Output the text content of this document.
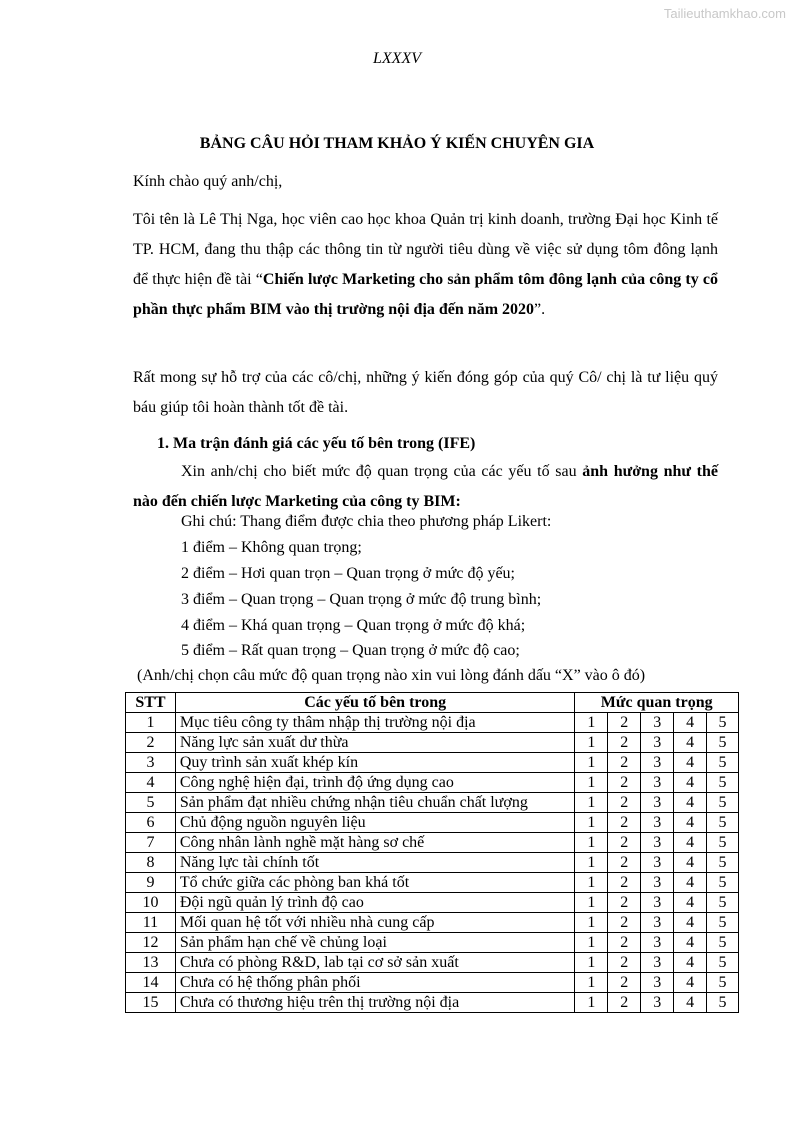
Tailieuthamkhao.com
LXXXV
BẢNG CÂU HỎI THAM KHẢO Ý KIẾN CHUYÊN GIA
Kính chào quý anh/chị,
Tôi tên là Lê Thị Nga, học viên cao học khoa Quản trị kinh doanh, trường Đại học Kinh tế TP. HCM, đang thu thập các thông tin từ người tiêu dùng về việc sử dụng tôm đông lạnh để thực hiện đề tài “Chiến lược Marketing cho sản phẩm tôm đông lạnh của công ty cổ phần thực phẩm BIM vào thị trường nội địa đến năm 2020”.
Rất mong sự hỗ trợ của các cô/chị, những ý kiến đóng góp của quý Cô/ chị là tư liệu quý báu giúp tôi hoàn thành tốt đề tài.
1. Ma trận đánh giá các yếu tố bên trong (IFE)
Xin anh/chị cho biết mức độ quan trọng của các yếu tố sau ảnh hưởng như thế nào đến chiến lược Marketing của công ty BIM:
Ghi chú: Thang điểm được chia theo phương pháp Likert:
1 điểm – Không quan trọng;
2 điểm – Hơi quan trọn – Quan trọng ở mức độ yếu;
3 điểm – Quan trọng – Quan trọng ở mức độ trung bình;
4 điểm – Khá quan trọng – Quan trọng ở mức độ khá;
5 điểm – Rất quan trọng – Quan trọng ở mức độ cao;
(Anh/chị chọn câu mức độ quan trọng nào xin vui lòng đánh dấu “X” vào ô đó)
STT	Các yếu tố bên trong	Mức quan trọng				
1	Mục tiêu công ty thâm nhập thị trường nội địa	1	2	3	4	5
2	Năng lực sản xuất dư thừa	1	2	3	4	5
3	Quy trình sản xuất khép kín	1	2	3	4	5
4	Công nghệ hiện đại, trình độ ứng dụng cao	1	2	3	4	5
5	Sản phẩm đạt nhiều chứng nhận tiêu chuẩn chất lượng	1	2	3	4	5
6	Chủ động nguồn nguyên liệu	1	2	3	4	5
7	Công nhân lành nghề mặt hàng sơ chế	1	2	3	4	5
8	Năng lực tài chính tốt	1	2	3	4	5
9	Tổ chức giữa các phòng ban khá tốt	1	2	3	4	5
10	Đội ngũ quản lý trình độ cao	1	2	3	4	5
11	Mối quan hệ tốt với nhiều nhà cung cấp	1	2	3	4	5
12	Sản phẩm hạn chế về chủng loại	1	2	3	4	5
13	Chưa có phòng R&D, lab tại cơ sở sản xuất	1	2	3	4	5
14	Chưa có hệ thống phân phối	1	2	3	4	5
15	Chưa có thương hiệu trên thị trường nội địa	1	2	3	4	5
